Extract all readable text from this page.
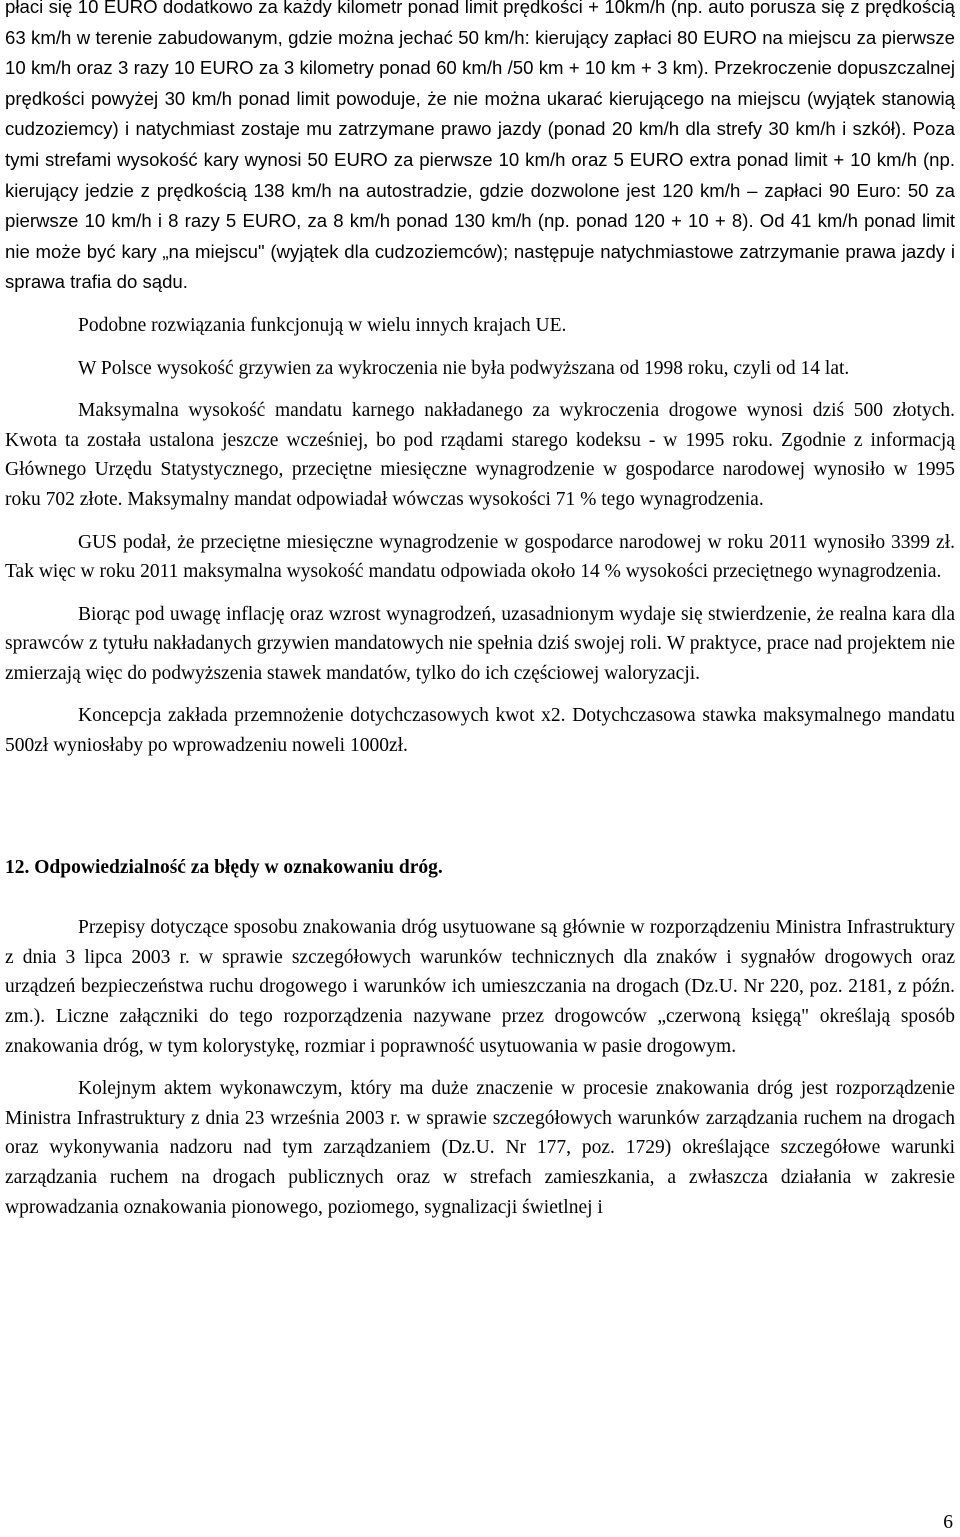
płaci się 10 EURO dodatkowo za każdy kilometr ponad limit prędkości + 10km/h (np. auto porusza się z prędkością 63 km/h w terenie zabudowanym, gdzie można jechać 50 km/h: kierujący zapłaci 80 EURO na miejscu za pierwsze 10 km/h oraz 3 razy 10 EURO za 3 kilometry ponad 60 km/h /50 km + 10 km + 3 km). Przekroczenie dopuszczalnej prędkości powyżej 30 km/h ponad limit powoduje, że nie można ukarać kierującego na miejscu (wyjątek stanowią cudzoziemcy) i natychmiast zostaje mu zatrzymane prawo jazdy (ponad 20 km/h dla strefy 30 km/h i szkół). Poza tymi strefami wysokość kary wynosi 50 EURO za pierwsze 10 km/h oraz 5 EURO extra ponad limit + 10 km/h (np. kierujący jedzie z prędkością 138 km/h na autostradzie, gdzie dozwolone jest 120 km/h – zapłaci 90 Euro: 50 za pierwsze 10 km/h i 8 razy 5 EURO, za 8 km/h ponad 130 km/h (np. ponad 120 + 10 + 8). Od 41 km/h ponad limit nie może być kary „na miejscu" (wyjątek dla cudzoziemców); następuje natychmiastowe zatrzymanie prawa jazdy i sprawa trafia do sądu.

Podobne rozwiązania funkcjonują w wielu innych krajach UE.

W Polsce wysokość grzywien za wykroczenia nie była podwyższana od 1998 roku, czyli od 14 lat.

Maksymalna wysokość mandatu karnego nakładanego za wykroczenia drogowe wynosi dziś 500 złotych. Kwota ta została ustalona jeszcze wcześniej, bo pod rządami starego kodeksu - w 1995 roku. Zgodnie z informacją Głównego Urzędu Statystycznego, przeciętne miesięczne wynagrodzenie w gospodarce narodowej wynosiło w 1995 roku 702 złote. Maksymalny mandat odpowiadał wówczas wysokości 71 % tego wynagrodzenia.

GUS podał, że przeciętne miesięczne wynagrodzenie w gospodarce narodowej w roku 2011 wynosiło 3399 zł. Tak więc w roku 2011 maksymalna wysokość mandatu odpowiada około 14 % wysokości przeciętnego wynagrodzenia.

Biorąc pod uwagę inflację oraz wzrost wynagrodzeń, uzasadnionym wydaje się stwierdzenie, że realna kara dla sprawców z tytułu nakładanych grzywien mandatowych nie spełnia dziś swojej roli. W praktyce, prace nad projektem nie zmierzają więc do podwyższenia stawek mandatów, tylko do ich częściowej waloryzacji.

Koncepcja zakłada przemnożenie dotychczasowych kwot x2. Dotychczasowa stawka maksymalnego mandatu 500zł wyniosłaby po wprowadzeniu noweli 1000zł.

12. Odpowiedzialność za błędy w oznakowaniu dróg.

Przepisy dotyczące sposobu znakowania dróg usytuowane są głównie w rozporządzeniu Ministra Infrastruktury z dnia 3 lipca 2003 r. w sprawie szczegółowych warunków technicznych dla znaków i sygnałów drogowych oraz urządzeń bezpieczeństwa ruchu drogowego i warunków ich umieszczania na drogach (Dz.U. Nr 220, poz. 2181, z późn. zm.). Liczne załączniki do tego rozporządzenia nazywane przez drogowców „czerwoną księgą" określają sposób znakowania dróg, w tym kolorystykę, rozmiar i poprawność usytuowania w pasie drogowym.

Kolejnym aktem wykonawczym, który ma duże znaczenie w procesie znakowania dróg jest rozporządzenie Ministra Infrastruktury z dnia 23 września 2003 r. w sprawie szczegółowych warunków zarządzania ruchem na drogach oraz wykonywania nadzoru nad tym zarządzaniem (Dz.U. Nr 177, poz. 1729) określające szczegółowe warunki zarządzania ruchem na drogach publicznych oraz w strefach zamieszkania, a zwłaszcza działania w zakresie wprowadzania oznakowania pionowego, poziomego, sygnalizacji świetlnej i

6
